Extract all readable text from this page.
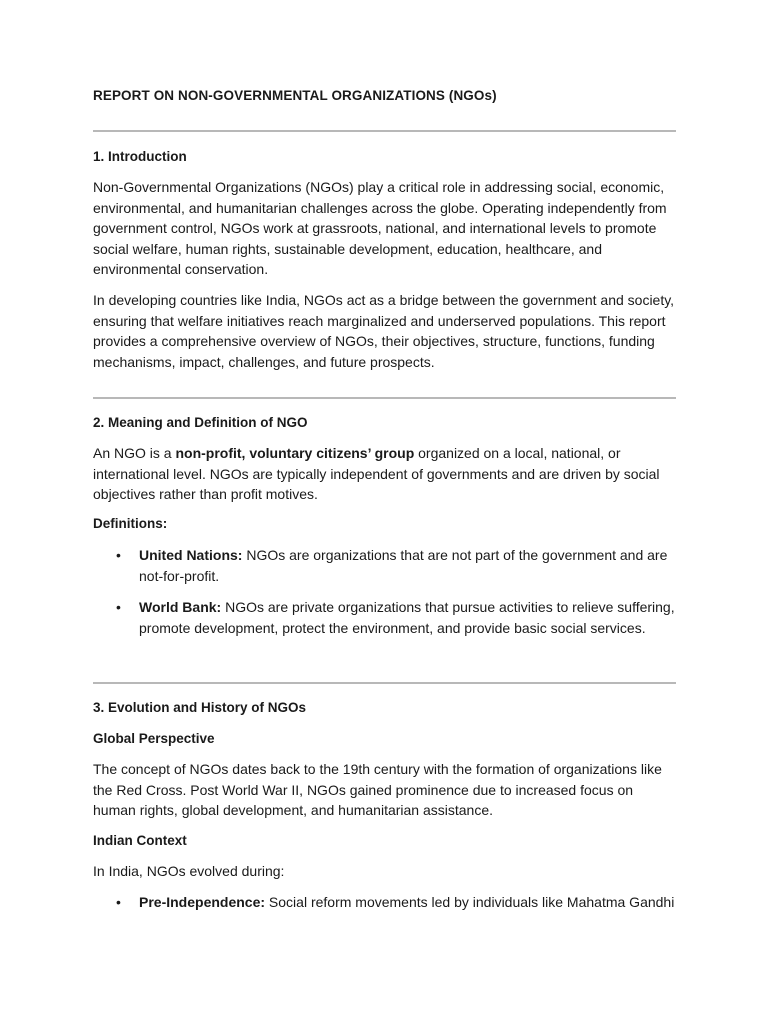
REPORT ON NON-GOVERNMENTAL ORGANIZATIONS (NGOs)
1. Introduction

Non-Governmental Organizations (NGOs) play a critical role in addressing social, economic, environmental, and humanitarian challenges across the globe. Operating independently from government control, NGOs work at grassroots, national, and international levels to promote social welfare, human rights, sustainable development, education, healthcare, and environmental conservation.

In developing countries like India, NGOs act as a bridge between the government and society, ensuring that welfare initiatives reach marginalized and underserved populations. This report provides a comprehensive overview of NGOs, their objectives, structure, functions, funding mechanisms, impact, challenges, and future prospects.

2. Meaning and Definition of NGO

An NGO is a non-profit, voluntary citizens’ group organized on a local, national, or international level. NGOs are typically independent of governments and are driven by social objectives rather than profit motives.

Definitions:
• United Nations: NGOs are organizations that are not part of the government and are not-for-profit.
• World Bank: NGOs are private organizations that pursue activities to relieve suffering, promote development, protect the environment, and provide basic social services.
3. Evolution and History of NGOs
Global Perspective

The concept of NGOs dates back to the 19th century with the formation of organizations like the Red Cross. Post World War II, NGOs gained prominence due to increased focus on human rights, global development, and humanitarian assistance.

Indian Context

In India, NGOs evolved during:

• Pre-Independence: Social reform movements led by individuals like Mahatma Gandhi
